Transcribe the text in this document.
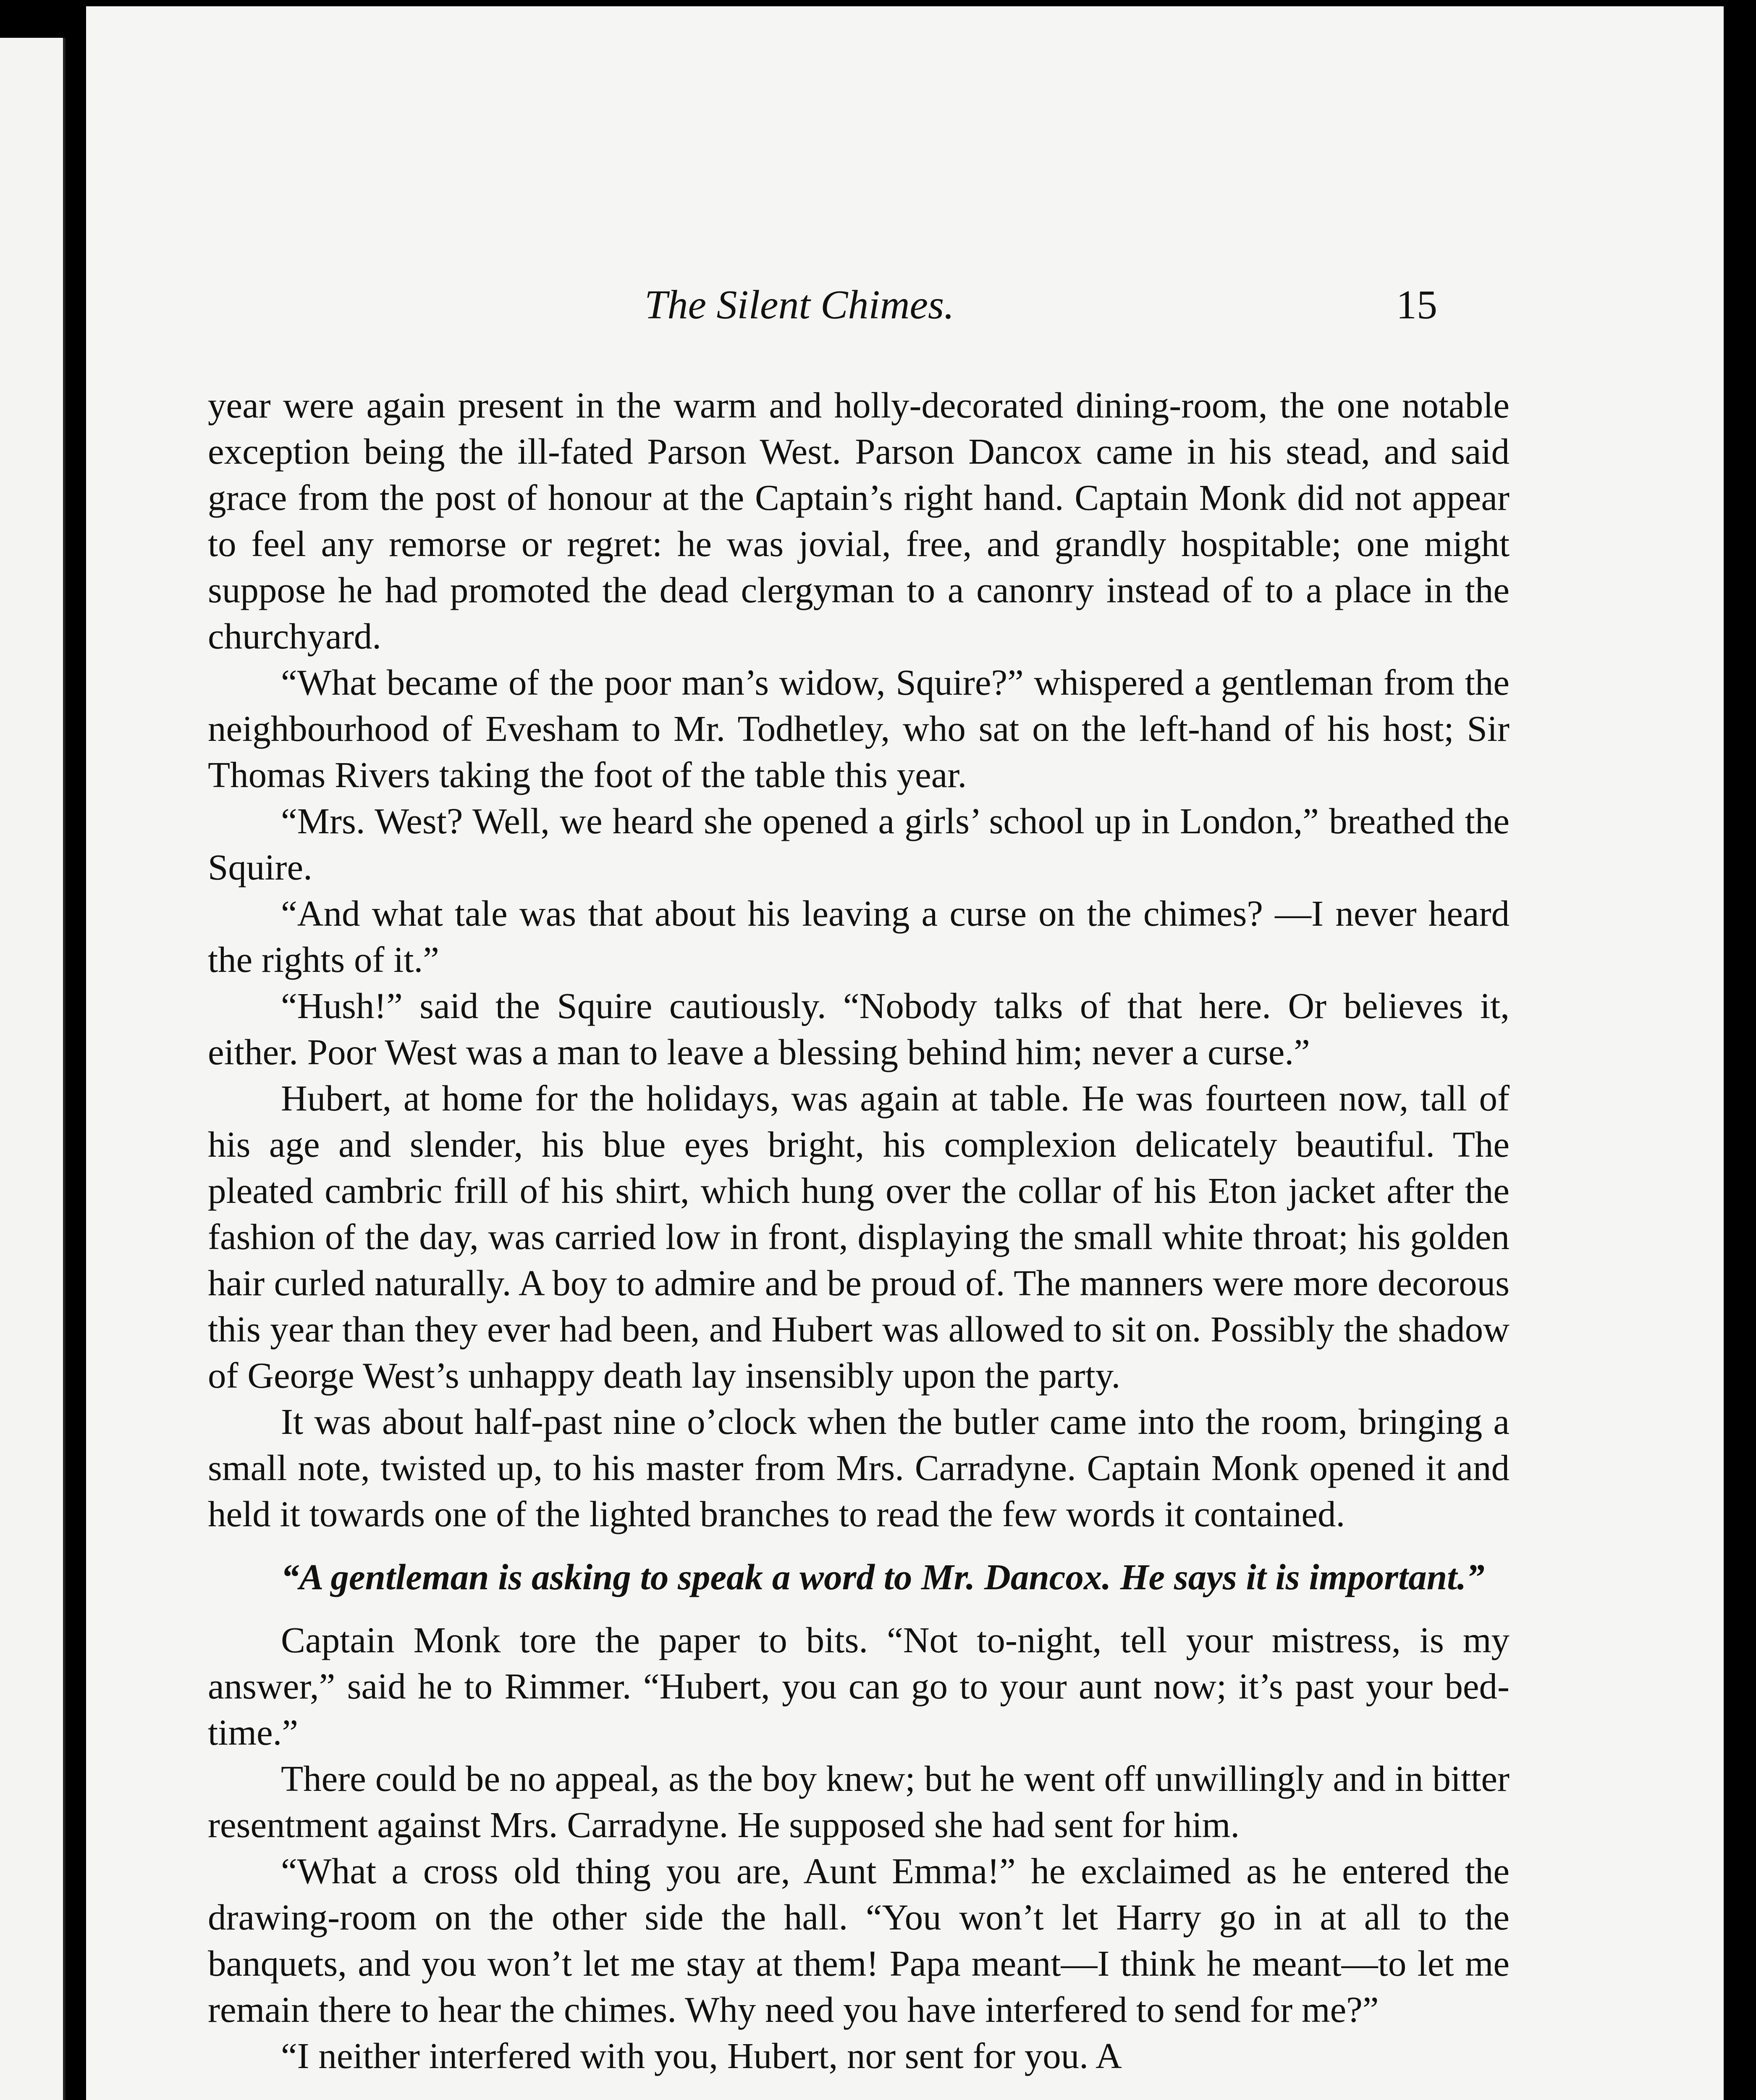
The Silent Chimes.	15

year were again present in the warm and holly-decorated dining-room, the one notable exception being the ill-fated Parson West. Parson Dancox came in his stead, and said grace from the post of honour at the Captain’s right hand. Captain Monk did not appear to feel any remorse or regret: he was jovial, free, and grandly hospitable; one might suppose he had promoted the dead clergyman to a canonry instead of to a place in the churchyard.

“What became of the poor man’s widow, Squire?” whispered a gentleman from the neighbourhood of Evesham to Mr. Todhetley, who sat on the left-hand of his host; Sir Thomas Rivers taking the foot of the table this year.

“Mrs. West? Well, we heard she opened a girls’ school up in London,” breathed the Squire.

“And what tale was that about his leaving a curse on the chimes? —I never heard the rights of it.”

“Hush!” said the Squire cautiously. “Nobody talks of that here. Or believes it, either. Poor West was a man to leave a blessing behind him; never a curse.”

Hubert, at home for the holidays, was again at table. He was fourteen now, tall of his age and slender, his blue eyes bright, his complexion delicately beautiful. The pleated cambric frill of his shirt, which hung over the collar of his Eton jacket after the fashion of the day, was carried low in front, displaying the small white throat; his golden hair curled naturally. A boy to admire and be proud of. The manners were more decorous this year than they ever had been, and Hubert was allowed to sit on. Possibly the shadow of George West’s unhappy death lay insensibly upon the party.

It was about half-past nine o’clock when the butler came into the room, bringing a small note, twisted up, to his master from Mrs. Carradyne. Captain Monk opened it and held it towards one of the lighted branches to read the few words it contained.

“A gentleman is asking to speak a word to Mr. Dancox. He says it is important.”

Captain Monk tore the paper to bits. “Not to-night, tell your mistress, is my answer,” said he to Rimmer. “Hubert, you can go to your aunt now; it’s past your bed-time.”

There could be no appeal, as the boy knew; but he went off unwillingly and in bitter resentment against Mrs. Carradyne. He supposed she had sent for him.

“What a cross old thing you are, Aunt Emma!” he exclaimed as he entered the drawing-room on the other side the hall. “You won’t let Harry go in at all to the banquets, and you won’t let me stay at them! Papa meant—I think he meant—to let me remain there to hear the chimes. Why need you have interfered to send for me?”

“I neither interfered with you, Hubert, nor sent for you. A
